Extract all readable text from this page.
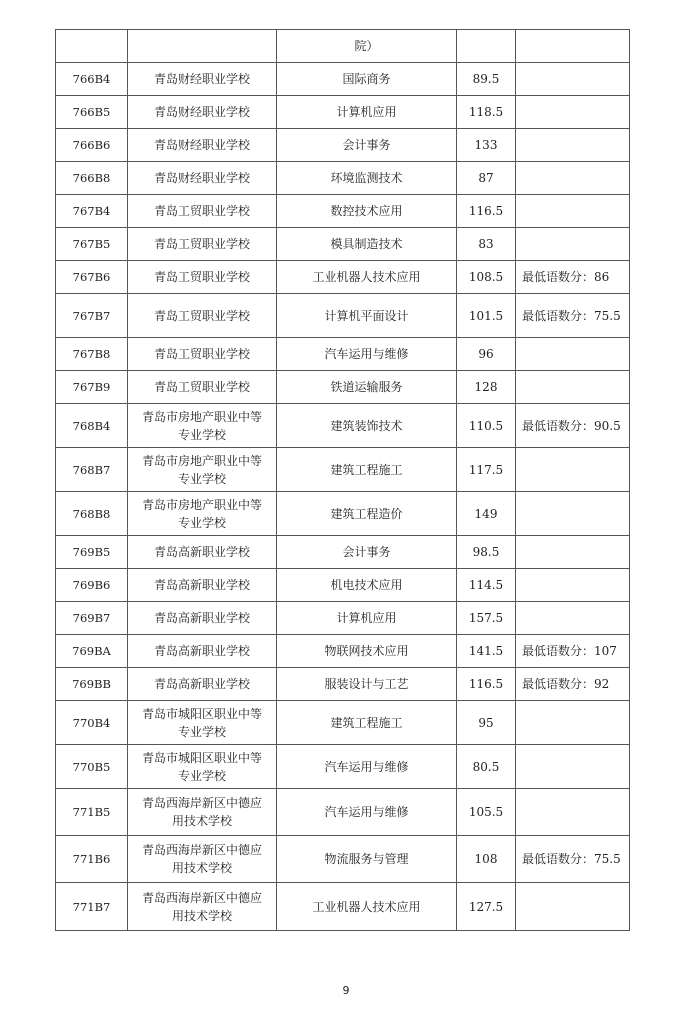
		院）		
766B4	青岛财经职业学校	国际商务	89.5	
766B5	青岛财经职业学校	计算机应用	118.5	
766B6	青岛财经职业学校	会计事务	133	
766B8	青岛财经职业学校	环境监测技术	87	
767B4	青岛工贸职业学校	数控技术应用	116.5	
767B5	青岛工贸职业学校	模具制造技术	83	
767B6	青岛工贸职业学校	工业机器人技术应用	108.5	最低语数分：86
767B7	青岛工贸职业学校	计算机平面设计	101.5	最低语数分：75.5
767B8	青岛工贸职业学校	汽车运用与维修	96	
767B9	青岛工贸职业学校	铁道运输服务	128	
768B4	青岛市房地产职业中等专业学校	建筑装饰技术	110.5	最低语数分：90.5
768B7	青岛市房地产职业中等专业学校	建筑工程施工	117.5	
768B8	青岛市房地产职业中等专业学校	建筑工程造价	149	
769B5	青岛高新职业学校	会计事务	98.5	
769B6	青岛高新职业学校	机电技术应用	114.5	
769B7	青岛高新职业学校	计算机应用	157.5	
769BA	青岛高新职业学校	物联网技术应用	141.5	最低语数分：107
769BB	青岛高新职业学校	服装设计与工艺	116.5	最低语数分：92
770B4	青岛市城阳区职业中等专业学校	建筑工程施工	95	
770B5	青岛市城阳区职业中等专业学校	汽车运用与维修	80.5	
771B5	青岛西海岸新区中德应用技术学校	汽车运用与维修	105.5	
771B6	青岛西海岸新区中德应用技术学校	物流服务与管理	108	最低语数分：75.5
771B7	青岛西海岸新区中德应用技术学校	工业机器人技术应用	127.5	
9
